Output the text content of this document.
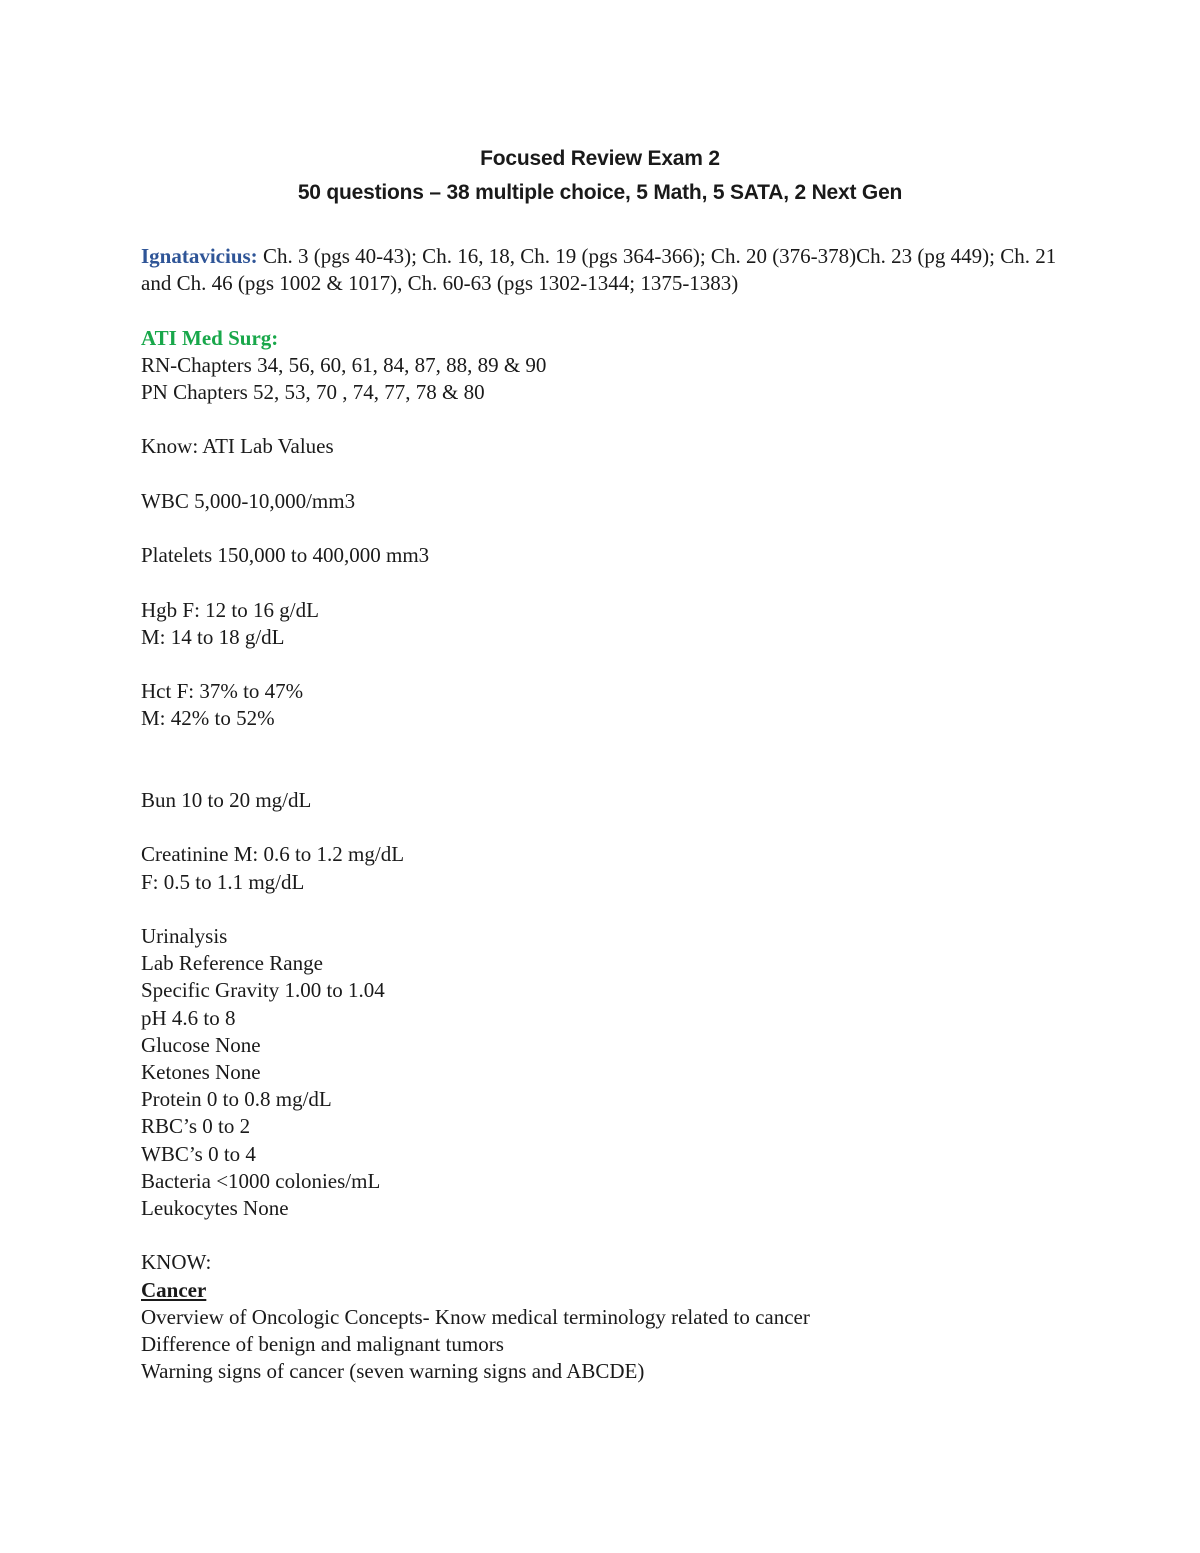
Focused Review Exam 2
50 questions – 38 multiple choice, 5 Math, 5 SATA, 2 Next Gen
Ignatavicius: Ch. 3 (pgs 40-43); Ch. 16, 18, Ch. 19 (pgs 364-366); Ch. 20 (376-378)Ch. 23 (pg 449); Ch. 21 and Ch. 46 (pgs 1002 & 1017), Ch. 60-63 (pgs 1302-1344; 1375-1383)
ATI Med Surg:
RN-Chapters 34, 56, 60, 61, 84, 87, 88, 89 & 90
PN Chapters 52, 53, 70 , 74, 77, 78 & 80
Know: ATI Lab Values
WBC 5,000-10,000/mm3
Platelets 150,000 to 400,000 mm3
Hgb F: 12 to 16 g/dL
M: 14 to 18 g/dL
Hct F: 37% to 47%
M: 42% to 52%
Bun 10 to 20 mg/dL
Creatinine M: 0.6 to 1.2 mg/dL
F: 0.5 to 1.1 mg/dL
Urinalysis
Lab Reference Range
Specific Gravity 1.00 to 1.04
pH 4.6 to 8
Glucose None
Ketones None
Protein 0 to 0.8 mg/dL
RBC’s 0 to 2
WBC’s 0 to 4
Bacteria <1000 colonies/mL
Leukocytes None
KNOW:
Cancer
Overview of Oncologic Concepts- Know medical terminology related to cancer
Difference of benign and malignant tumors
Warning signs of cancer (seven warning signs and ABCDE)
